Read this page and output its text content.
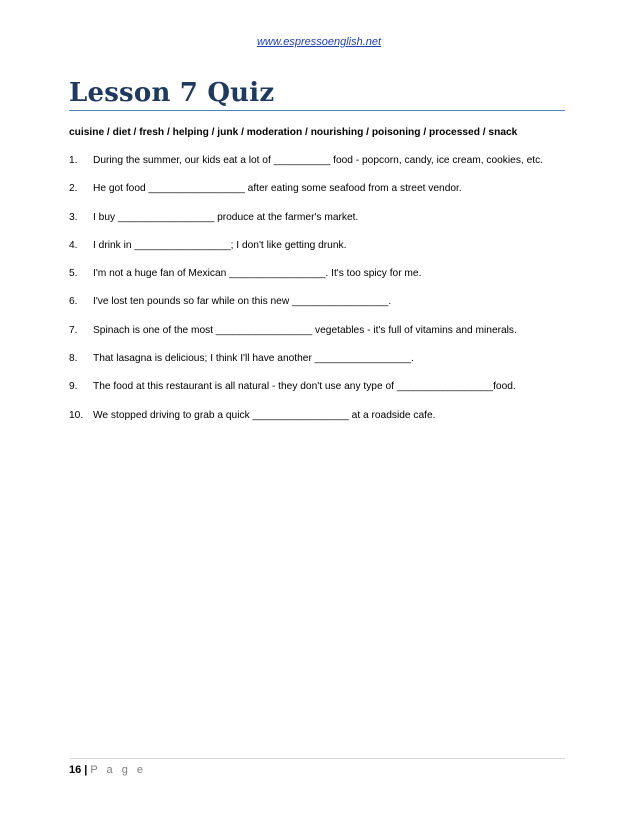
www.espressoenglish.net
Lesson 7 Quiz
cuisine / diet / fresh / helping / junk / moderation / nourishing / poisoning / processed / snack
1.	During the summer, our kids eat a lot of __________ food - popcorn, candy, ice cream, cookies, etc.
2.	He got food _________________ after eating some seafood from a street vendor.
3.	I buy _________________ produce at the farmer's market.
4.	I drink in _________________; I don't like getting drunk.
5.	I'm not a huge fan of Mexican _________________. It's too spicy for me.
6.	I've lost ten pounds so far while on this new _________________.
7.	Spinach is one of the most _________________ vegetables - it's full of vitamins and minerals.
8.	That lasagna is delicious; I think I'll have another _________________.
9.	The food at this restaurant is all natural - they don't use any type of _________________food.
10. We stopped driving to grab a quick _________________ at a roadside cafe.
16 | P a g e
